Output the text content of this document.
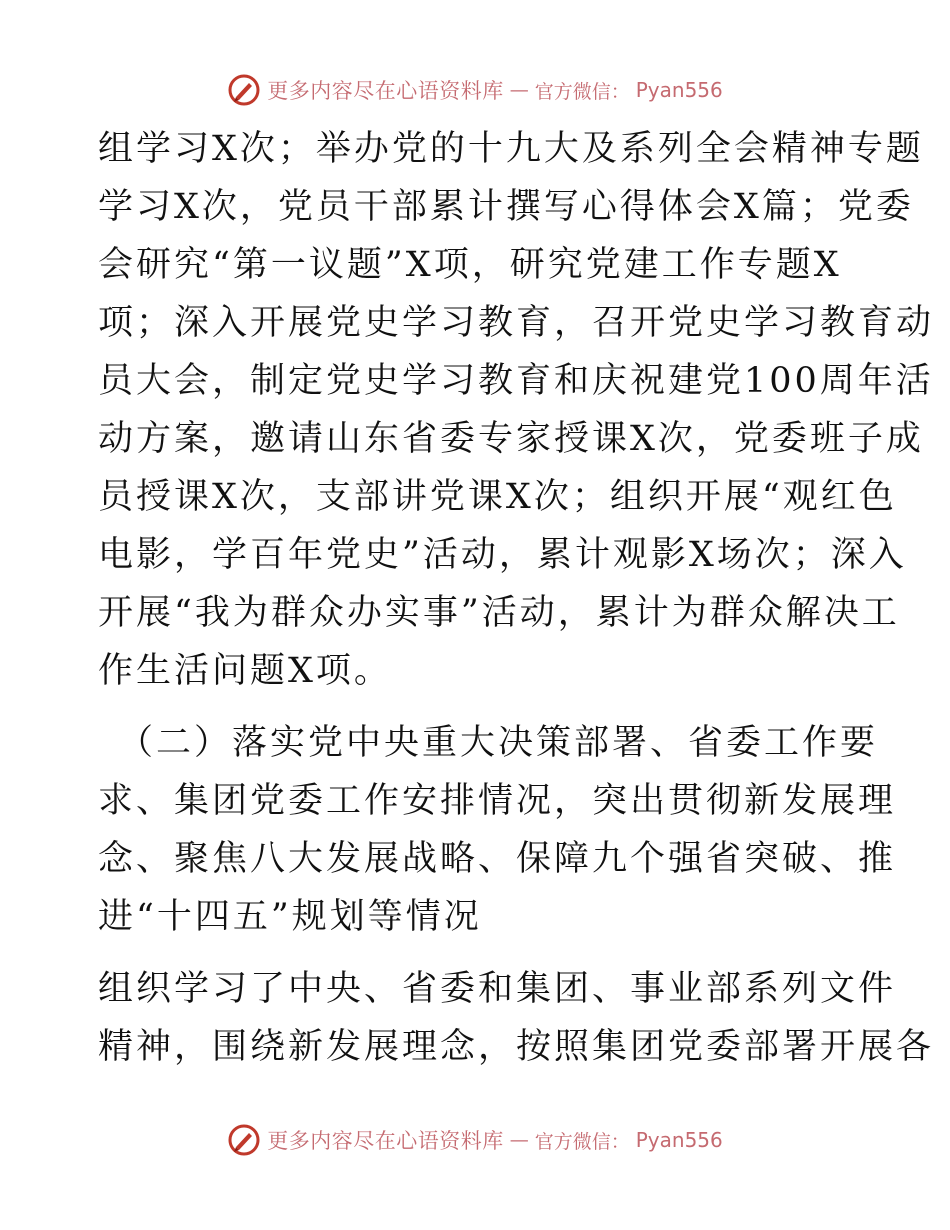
更多内容尽在心语资料库 — 官方微信： Pyan556
组学习X次；举办党的十九大及系列全会精神专题
学习X次，党员干部累计撰写心得体会X篇；党委
会研究“第一议题”X项，研究党建工作专题X
项；深入开展党史学习教育，召开党史学习教育动
员大会，制定党史学习教育和庆祝建党100周年活
动方案，邀请山东省委专家授课X次，党委班子成
员授课X次，支部讲党课X次；组织开展“观红色
电影，学百年党史”活动，累计观影X场次；深入
开展“我为群众办实事”活动，累计为群众解决工
作生活问题X项。
（二）落实党中央重大决策部署、省委工作要
求、集团党委工作安排情况，突出贯彻新发展理
念、聚焦八大发展战略、保障九个强省突破、推
进“十四五”规划等情况
组织学习了中央、省委和集团、事业部系列文件
精神，围绕新发展理念，按照集团党委部署开展各
更多内容尽在心语资料库 — 官方微信： Pyan556
